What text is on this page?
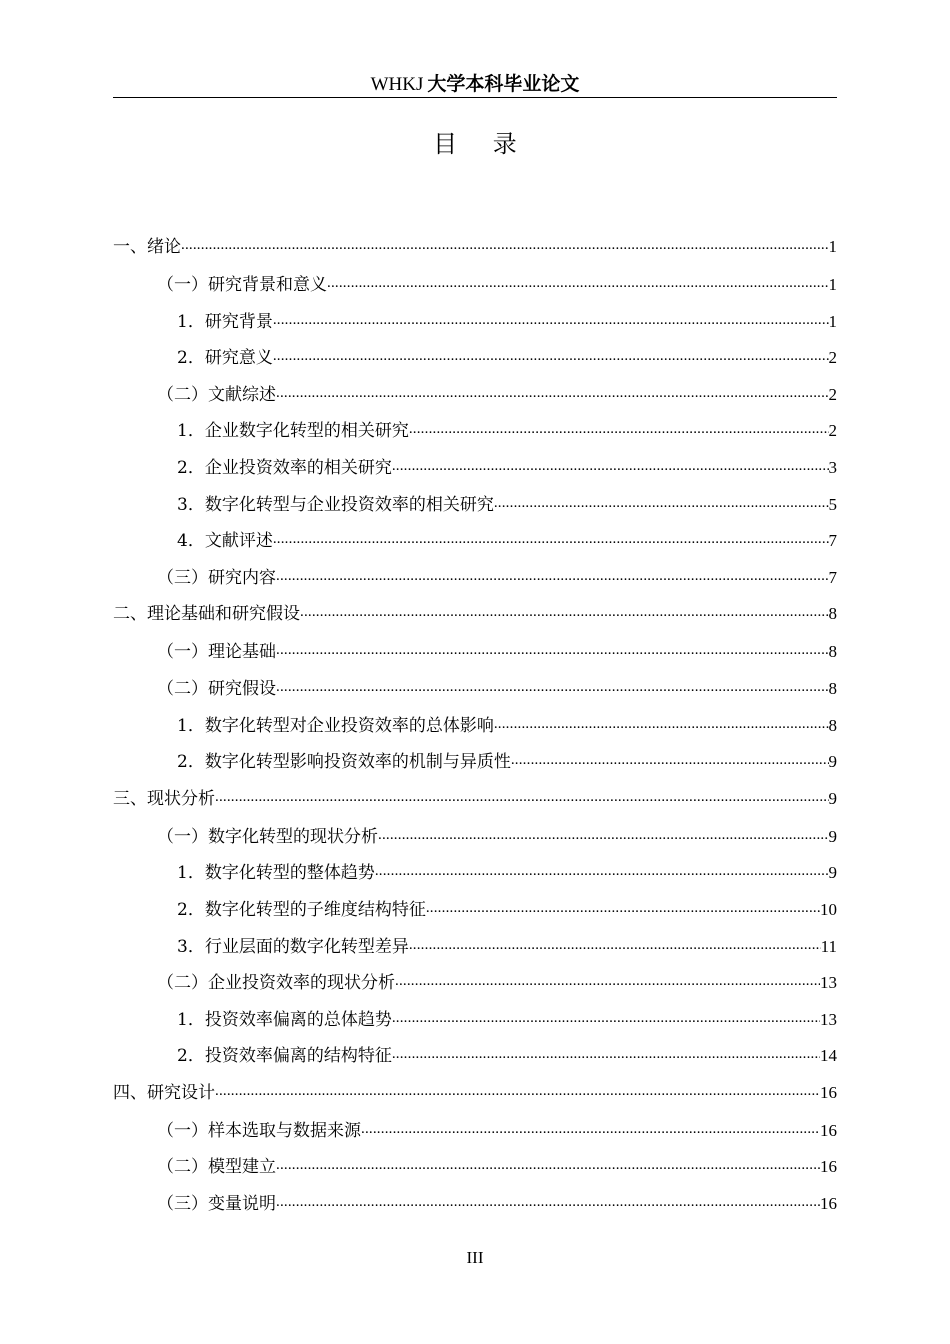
WHKJ 大学本科毕业论文
目 录
一、绪论 .....	1
（一）研究背景和意义 .....	1
1．研究背景 .....	1
2．研究意义 .....	2
（二）文献综述 .....	2
1．企业数字化转型的相关研究 .....	2
2．企业投资效率的相关研究 .....	3
3．数字化转型与企业投资效率的相关研究 .....	5
4．文献评述 .....	7
（三）研究内容 .....	7
二、理论基础和研究假设 .....	8
（一）理论基础 .....	8
（二）研究假设 .....	8
1．数字化转型对企业投资效率的总体影响 .....	8
2．数字化转型影响投资效率的机制与异质性 .....	9
三、现状分析 .....	9
（一）数字化转型的现状分析 .....	9
1．数字化转型的整体趋势 .....	9
2．数字化转型的子维度结构特征 .....	10
3．行业层面的数字化转型差异 .....	11
（二）企业投资效率的现状分析 .....	13
1．投资效率偏离的总体趋势 .....	13
2．投资效率偏离的结构特征 .....	14
四、研究设计 .....	16
（一）样本选取与数据来源 .....	16
（二）模型建立 .....	16
（三）变量说明 .....	16
III
